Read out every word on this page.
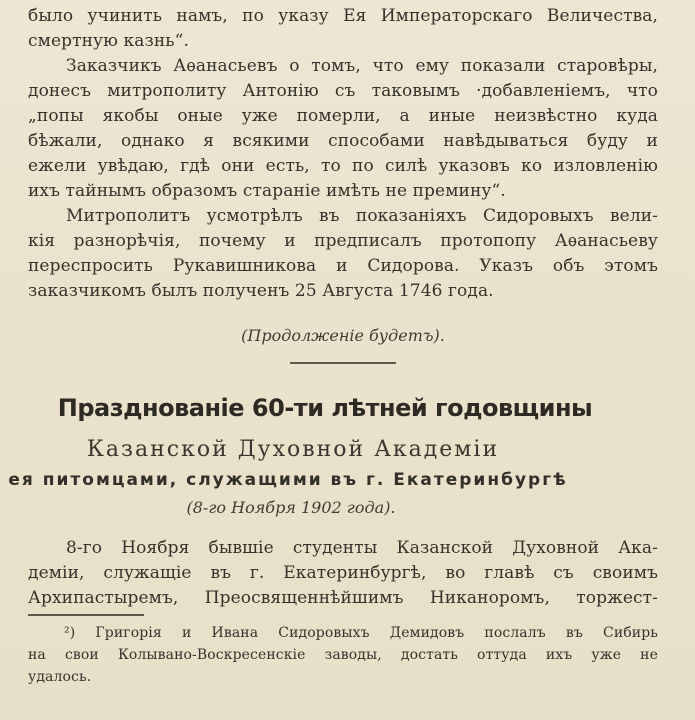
было учинить намъ, по указу Ея Императорскаго Величества,
смертную казнь“.
Заказчикъ Аѳанасьевъ о томъ, что ему показали старовѣры,
донесъ митрополиту Антонію съ таковымъ ·добавленіемъ, что
„попы якобы оные уже померли, а иные неизвѣстно куда
бѣжали, однако я всякими способами навѣдываться буду и
ежели увѣдаю, гдѣ они есть, то по силѣ указовъ ко изловленію
ихъ тайнымъ образомъ стараніе имѣть не премину“.
Митрополитъ усмотрѣлъ въ показаніяхъ Сидоровыхъ вели-
кія разнорѣчія, почему и предписалъ протопопу Аѳанасьеву
переспросить Рукавишникова и Сидорова. Указъ объ этомъ
заказчикомъ былъ полученъ 25 Августа 1746 года.
(Продолженіе будетъ).
Празднованіе 60-ти лѣтней годовщины
Казанской Духовной Академіи
ея питомцами, служащими въ г. Екатеринбургѣ
(8-го Ноября 1902 года).
8-го Ноября бывшіе студенты Казанской Духовной Ака-
деміи, служащіе въ г. Екатеринбургѣ, во главѣ съ своимъ
Архипастыремъ, Преосвященнѣйшимъ Никаноромъ, торжест-
²) Григорія и Ивана Сидоровыхъ Демидовъ послалъ въ Сибирь
на свои Колывано-Воскресенскіе заводы, достать оттуда ихъ уже не
удалось.
